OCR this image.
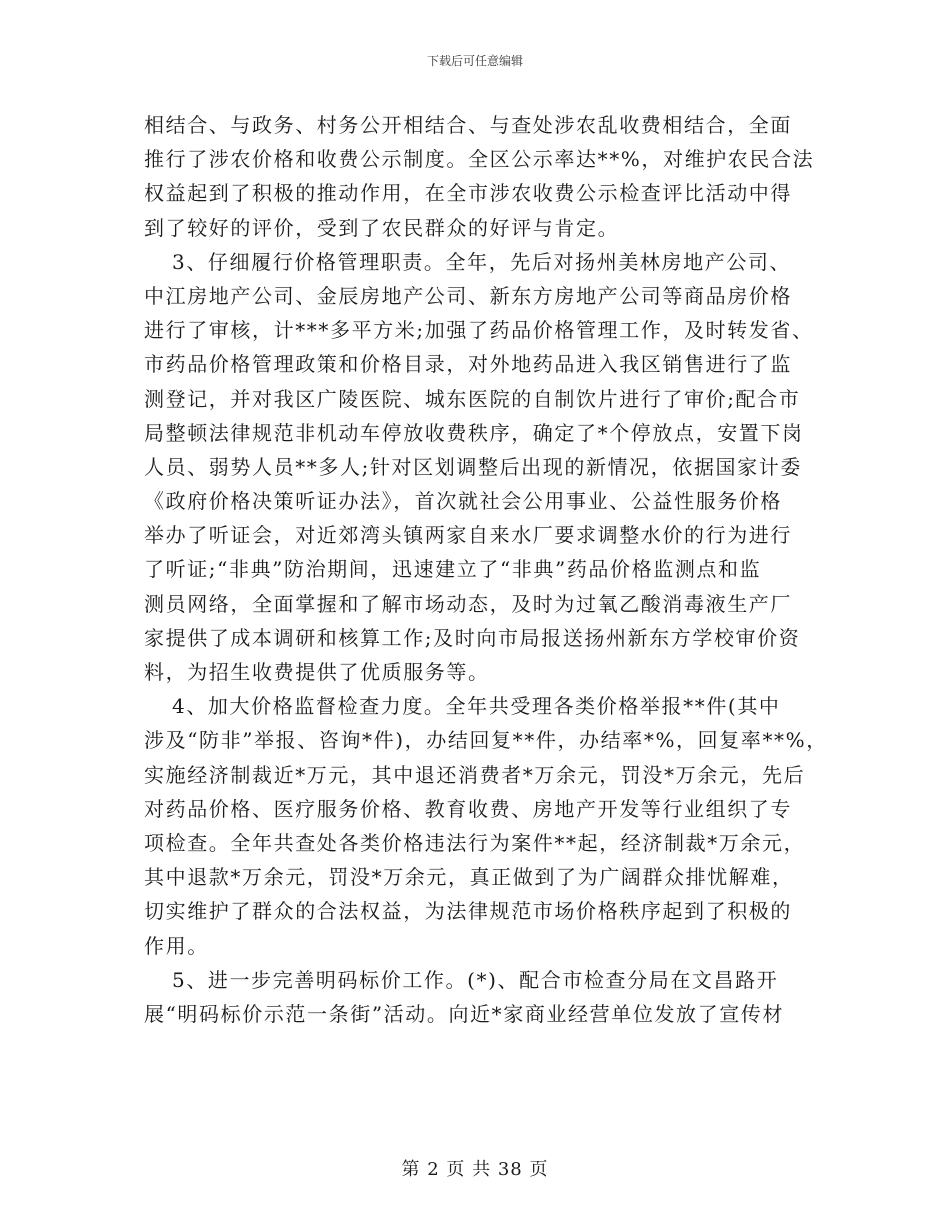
下载后可任意编辑
相结合、与政务、村务公开相结合、与查处涉农乱收费相结合，全面
推行了涉农价格和收费公示制度。全区公示率达**%，对维护农民合法
权益起到了积极的推动作用，在全市涉农收费公示检查评比活动中得
到了较好的评价，受到了农民群众的好评与肯定。
3、仔细履行价格管理职责。全年，先后对扬州美林房地产公司、
中江房地产公司、金辰房地产公司、新东方房地产公司等商品房价格
进行了审核，计***多平方米;加强了药品价格管理工作，及时转发省、
市药品价格管理政策和价格目录，对外地药品进入我区销售进行了监
测登记，并对我区广陵医院、城东医院的自制饮片进行了审价;配合市
局整顿法律规范非机动车停放收费秩序，确定了*个停放点，安置下岗
人员、弱势人员**多人;针对区划调整后出现的新情况，依据国家计委
《政府价格决策听证办法》，首次就社会公用事业、公益性服务价格
举办了听证会，对近郊湾头镇两家自来水厂要求调整水价的行为进行
了听证;“非典”防治期间，迅速建立了“非典”药品价格监测点和监
测员网络，全面掌握和了解市场动态，及时为过氧乙酸消毒液生产厂
家提供了成本调研和核算工作;及时向市局报送扬州新东方学校审价资
料，为招生收费提供了优质服务等。
4、加大价格监督检查力度。全年共受理各类价格举报**件(其中
涉及“防非”举报、咨询*件)，办结回复**件，办结率*%，回复率**%，
实施经济制裁近*万元，其中退还消费者*万余元，罚没*万余元，先后
对药品价格、医疗服务价格、教育收费、房地产开发等行业组织了专
项检查。全年共查处各类价格违法行为案件**起，经济制裁*万余元，
其中退款*万余元，罚没*万余元，真正做到了为广阔群众排忧解难，
切实维护了群众的合法权益，为法律规范市场价格秩序起到了积极的
作用。
5、进一步完善明码标价工作。(*)、配合市检查分局在文昌路开
展“明码标价示范一条街”活动。向近*家商业经营单位发放了宣传材
第 2 页 共 38 页
